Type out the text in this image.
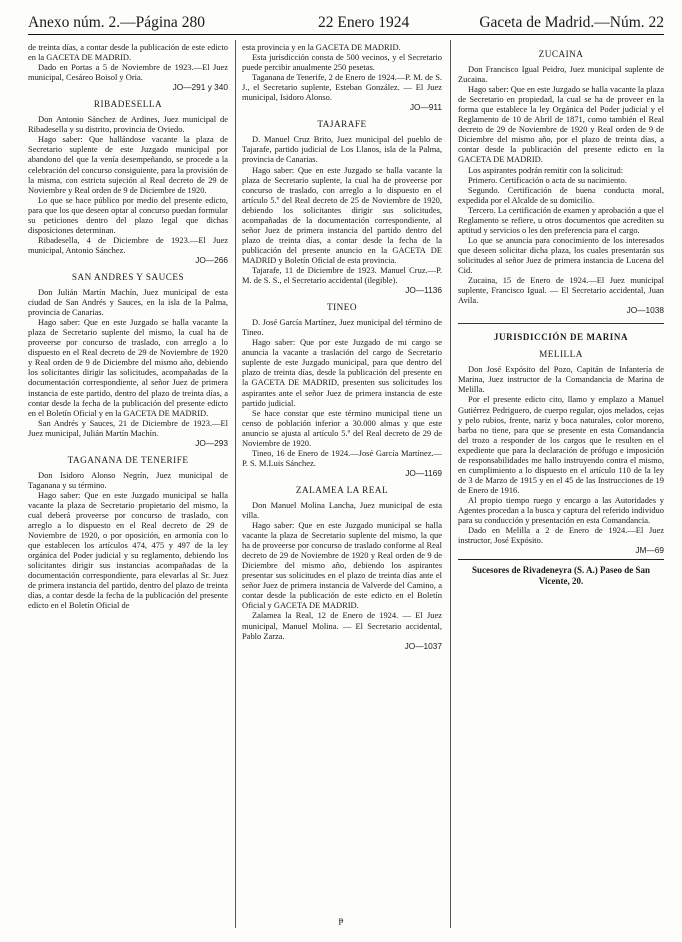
Anexo núm. 2.—Página 280	22 Enero 1924	Gaceta de Madrid.—Núm. 22

de treinta días, a contar desde la publicación de este edicto en la GACETA DE MADRID.

Dado en Portas a 5 de Noviembre de 1923.—El Juez municipal, Cesáreo Boisol y Oria.

JO—291 y 340

RIBADESELLA

Don Antonio Sánchez de Ardines, Juez municipal de Ribadesella y su distrito, provincia de Oviedo.

Hago saber: Que hallándose vacante la plaza de Secretario suplente de este Juzgado municipal por abandono del que la venía desempeñando, se procede a la celebración del concurso consiguiente, para la provisión de la misma, con estricta sujeción al Real decreto de 29 de Noviembre y Real orden de 9 de Diciembre de 1920.

Lo que se hace público por medio del presente edicto, para que los que deseen optar al concurso puedan formular su peticiones dentro del plazo legal que dichas disposiciones determinan.

Ribadesella, 4 de Diciembre de 1923.—El Juez municipal, Antonio Sánchez.

JO—266

SAN ANDRES Y SAUCES

Don Julián Martín Machín, Juez municipal de esta ciudad de San Andrés y Sauces, en la isla de la Palma, provincia de Canarias.

Hago saber: Que en este Juzgado se halla vacante la plaza de Secretario suplente del mismo, la cual ha de proveerse por concurso de traslado, con arreglo a lo dispuesto en el Real decreto de 29 de Noviembre de 1920 y Real orden de 9 de Diciembre del mismo año, debiendo los solicitantes dirigir las solicitudes, acompañadas de la documentación correspondiente, al señor Juez de primera instancia de este partido, dentro del plazo de treinta días, a contar desde la fecha de la publicación del presente edicto en el Boletín Oficial y en la GACETA DE MADRID.

San Andrés y Sauces, 21 de Diciembre de 1923.—El Juez municipal, Julián Martín Machín.

JO—293

TAGANANA DE TENERIFE

Don Isidoro Alonso Negrín, Juez municipal de Taganana y su término.

Hago saber: Que en este Juzgado municipal se halla vacante la plaza de Secretario propietario del mismo, la cual deberá proveerse por concurso de traslado, con arreglo a lo dispuesto en el Real decreto de 29 de Noviembre de 1920, o por oposición, en armonía con lo que establecen los artículos 474, 475 y 497 de la ley orgánica del Poder judicial y su reglamento, debiendo los solicitantes dirigir sus instancias acompañadas de la documentación correspondiente, para elevarlas al Sr. Juez de primera instancia del partido, dentro del plazo de treinta días, a contar desde la fecha de la publicación del presente edicto en el Boletín Oficial de

esta provincia y en la GACETA DE MADRID.

Esta jurisdicción consta de 500 vecinos, y el Secretario puede percibir anualmente 250 pesetas.

Taganana de Tenerife, 2 de Enero de 1924.—P. M. de S. J., el Secretario suplente, Esteban González. — El Juez municipal, Isidoro Alonso.

JO—911

TAJARAFE

D. Manuel Cruz Brito, Juez municipal del pueblo de Tajarafe, partido judicial de Los Llanos, isla de la Palma, provincia de Canarias.

Hago saber: Que en este Juzgado se halla vacante la plaza de Secretario suplente, la cual ha de proveerse por concurso de traslado, con arreglo a lo dispuesto en el artículo 5.º del Real decreto de 25 de Noviembre de 1920, debiendo los solicitantes dirigir sus solicitudes, acompañadas de la documentación correspondiente, al señor Juez de primera instancia del partido dentro del plazo de treinta días, a contar desde la fecha de la publicación del presente anuncio en la GACETA DE MADRID y Boletín Oficial de esta provincia.

Tajarafe, 11 de Diciembre de 1923. Manuel Cruz.—P. M. de S. S., el Secretario accidental (ilegible).

JO—1136

TINEO

D. José García Martínez, Juez municipal del término de Tineo.

Hago saber: Que por este Juzgado de mi cargo se anuncia la vacante a traslación del cargo de Secretario suplente de este Juzgado municipal, para que dentro del plazo de treinta días, desde la publicación del presente en la GACETA DE MADRID, presenten sus solicitudes los aspirantes ante el señor Juez de primera instancia de este partido judicial.

Se hace constar que este término municipal tiene un censo de población inferior a 30.000 almas y que este anuncio se ajusta al artículo 5.º del Real decreto de 29 de Noviembre de 1920.

Tineo, 16 de Enero de 1924.—José García Martínez.—P. S. M.Luis Sánchez.

JO—1169

ZALAMEA LA REAL

Don Manuel Molina Lancha, Juez municipal de esta villa.

Hago saber: Que en este Juzgado municipal se halla vacante la plaza de Secretario suplente del mismo, la que ha de proveerse por concurso de traslado conforme al Real decreto de 29 de Noviembre de 1920 y Real orden de 9 de Diciembre del mismo año, debiendo los aspirantes presentar sus solicitudes en el plazo de treinta días ante el señor Juez de primera instancia de Valverde del Camino, a contar desde la publicación de este edicto en el Boletín Oficial y GACETA DE MADRID.

Zalamea la Real, 12 de Enero de 1924. — El Juez municipal, Manuel Molina. — El Secretario accidental, Pablo Zarza.

JO—1037

ZUCAINA

Don Francisco Igual Peidro, Juez municipal suplente de Zucaina.

Hago saber: Que en este Juzgado se halla vacante la plaza de Secretario en propiedad, la cual se ha de proveer en la forma que establece la ley Orgánica del Poder judicial y el Reglamento de 10 de Abril de 1871, como también el Real decreto de 29 de Noviembre de 1920 y Real orden de 9 de Diciembre del mismo año, por el plazo de treinta días, a contar desde la publicación del presente edicto en la GACETA DE MADRID.

Los aspirantes podrán remitir con la solicitud:

Primero. Certificación o acta de su nacimiento.

Segundo. Certificación de buena conducta moral, expedida por el Alcalde de su domicilio.

Tercero. La certificación de examen y aprobación a que el Reglamento se refiere, u otros documentos que acrediten su aptitud y servicios o les den preferencia para el cargo.

Lo que se anuncia para conocimiento de los interesados que deseen solicitar dicha plaza, los cuales presentarán sus solicitudes al señor Juez de primera instancia de Lucena del Cid.

Zucaina, 15 de Enero de 1924.—El Juez municipal suplente, Francisco Igual. — El Secretario accidental, Juan Avila.

JO—1038

JURISDICCIÓN DE MARINA

MELILLA

Don José Expósito del Pozo, Capitán de Infantería de Marina, Juez instructor de la Comandancia de Marina de Melilla.

Por el presente edicto cito, llamo y emplazo a Manuel Gutiérrez Pedriguero, de cuerpo regular, ojos melados, cejas y pelo rubios, frente, nariz y boca naturales, color moreno, barba no tiene, para que se presente en esta Comandancia del trozo a responder de los cargos que le resulten en el expediente que para la declaración de prófugo e imposición de responsabilidades me hallo instruyendo contra el mismo, en cumplimiento a lo dispuesto en el artículo 110 de la ley de 3 de Marzo de 1915 y en el 45 de las Instrucciones de 19 de Enero de 1916.

Al propio tiempo ruego y encargo a las Autoridades y Agentes procedan a la busca y captura del referido individuo para su conducción y presentación en esta Comandancia.

Dado en Melilla a 2 de Enero de 1924.—El Juez instructor, José Expósito.

JM—69

Sucesores de Rivadeneyra (S. A.) Paseo de San Vicente, 20.

ᵽ
